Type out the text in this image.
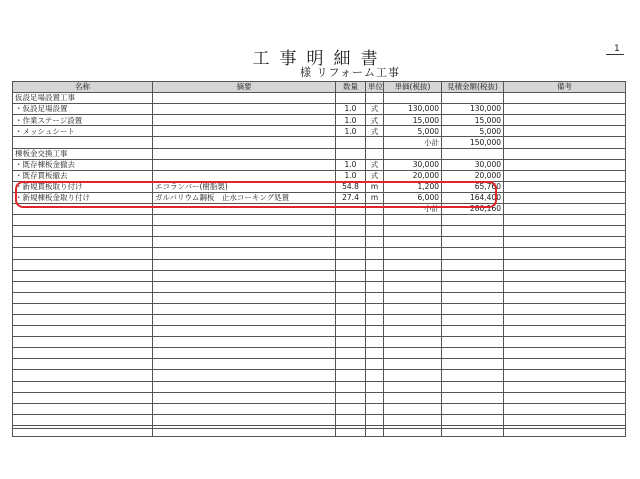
工事明細書
様 リフォーム工事
1
名称	摘要	数量	単位	単価(税抜)	見積金額(税抜)	備考
仮設足場設置工事						
・仮設足場設置		1.0	式	130,000	130,000	
・作業ステージ設置		1.0	式	15,000	15,000	
・メッシュシート		1.0	式	5,000	5,000	
				小計	150,000	
棟板金交換工事						
・既存棟板金撤去		1.0	式	30,000	30,000	
・既存貫板撤去		1.0	式	20,000	20,000	
・新規貫板取り付け	エコランバー(樹脂製)	54.8	m	1,200	65,760	
・新規棟板金取り付け	ガルバリウム鋼板　止水コーキング処置	27.4	m	6,000	164,400	
				小計	280,160	
